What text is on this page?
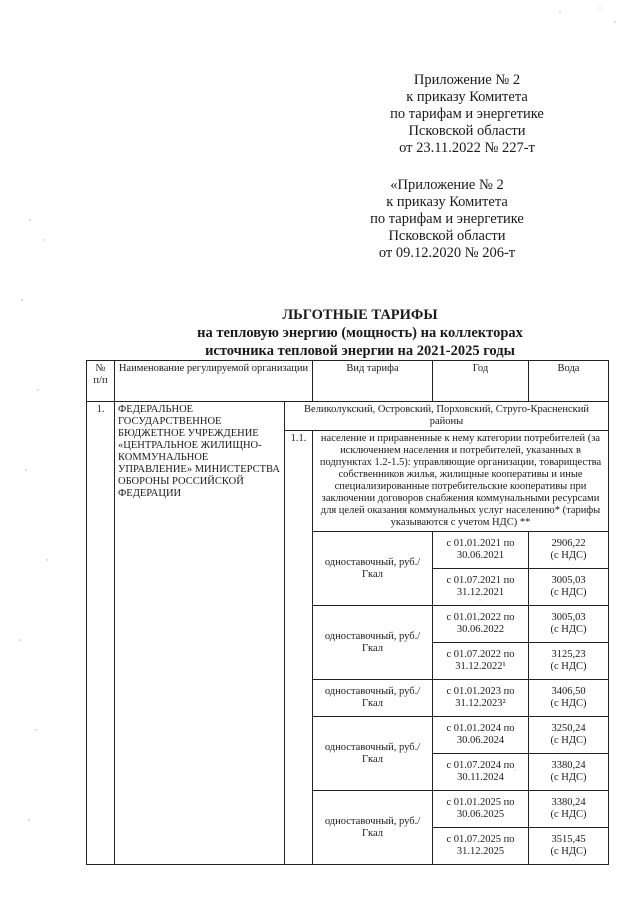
Приложение № 2
к приказу Комитета
по тарифам и энергетике
Псковской области
от 23.11.2022 № 227-т
«Приложение № 2
к приказу Комитета
по тарифам и энергетике
Псковской области
от 09.12.2020 № 206-т
ЛЬГОТНЫЕ ТАРИФЫ
на тепловую энергию (мощность) на коллекторах
источника тепловой энергии на 2021-2025 годы
№ п/п	Наименование регулируемой организации		Вид тарифа	Год	Вода
1.	ФЕДЕРАЛЬНОЕ ГОСУДАРСТВЕННОЕ БЮДЖЕТНОЕ УЧРЕЖДЕНИЕ «ЦЕНТРАЛЬНОЕ ЖИЛИЩНО-КОММУНАЛЬНОЕ УПРАВЛЕНИЕ» МИНИСТЕРСТВА ОБОРОНЫ РОССИЙСКОЙ ФЕДЕРАЦИИ	Великолукский, Островский, Порховский, Струго-Красненский районы			
		1.1.	население и приравненные к нему категории потребителей (за исключением населения и потребителей, указанных в подпунктах 1.2-1.5): управляющие организации, товарищества собственников жилья, жилищные кооперативы и иные специализированные потребительские кооперативы при заключении договоров снабжения коммунальными ресурсами для целей оказания коммунальных услуг населению* (тарифы указываются с учетом НДС) **		
			одноставочный, руб./Гкал	с 01.01.2021 по 30.06.2021	2906,22
(с НДС)

				с 01.07.2021 по 31.12.2021	3005,03
(с НДС)

			одноставочный, руб./Гкал	с 01.01.2022 по 30.06.2022	3005,03
(с НДС)

				с 01.07.2022 по 31.12.2022¹	3125,23
(с НДС)

			одноставочный, руб./Гкал	с 01.01.2023 по 31.12.2023²	3406,50
(с НДС)

			одноставочный, руб./Гкал	с 01.01.2024 по 30.06.2024	3250,24
(с НДС)

				с 01.07.2024 по 30.11.2024	3380,24
(с НДС)

			одноставочный, руб./Гкал	с 01.01.2025 по 30.06.2025	3380,24
(с НДС)

				с 01.07.2025 по 31.12.2025	3515,45
(с НДС)
